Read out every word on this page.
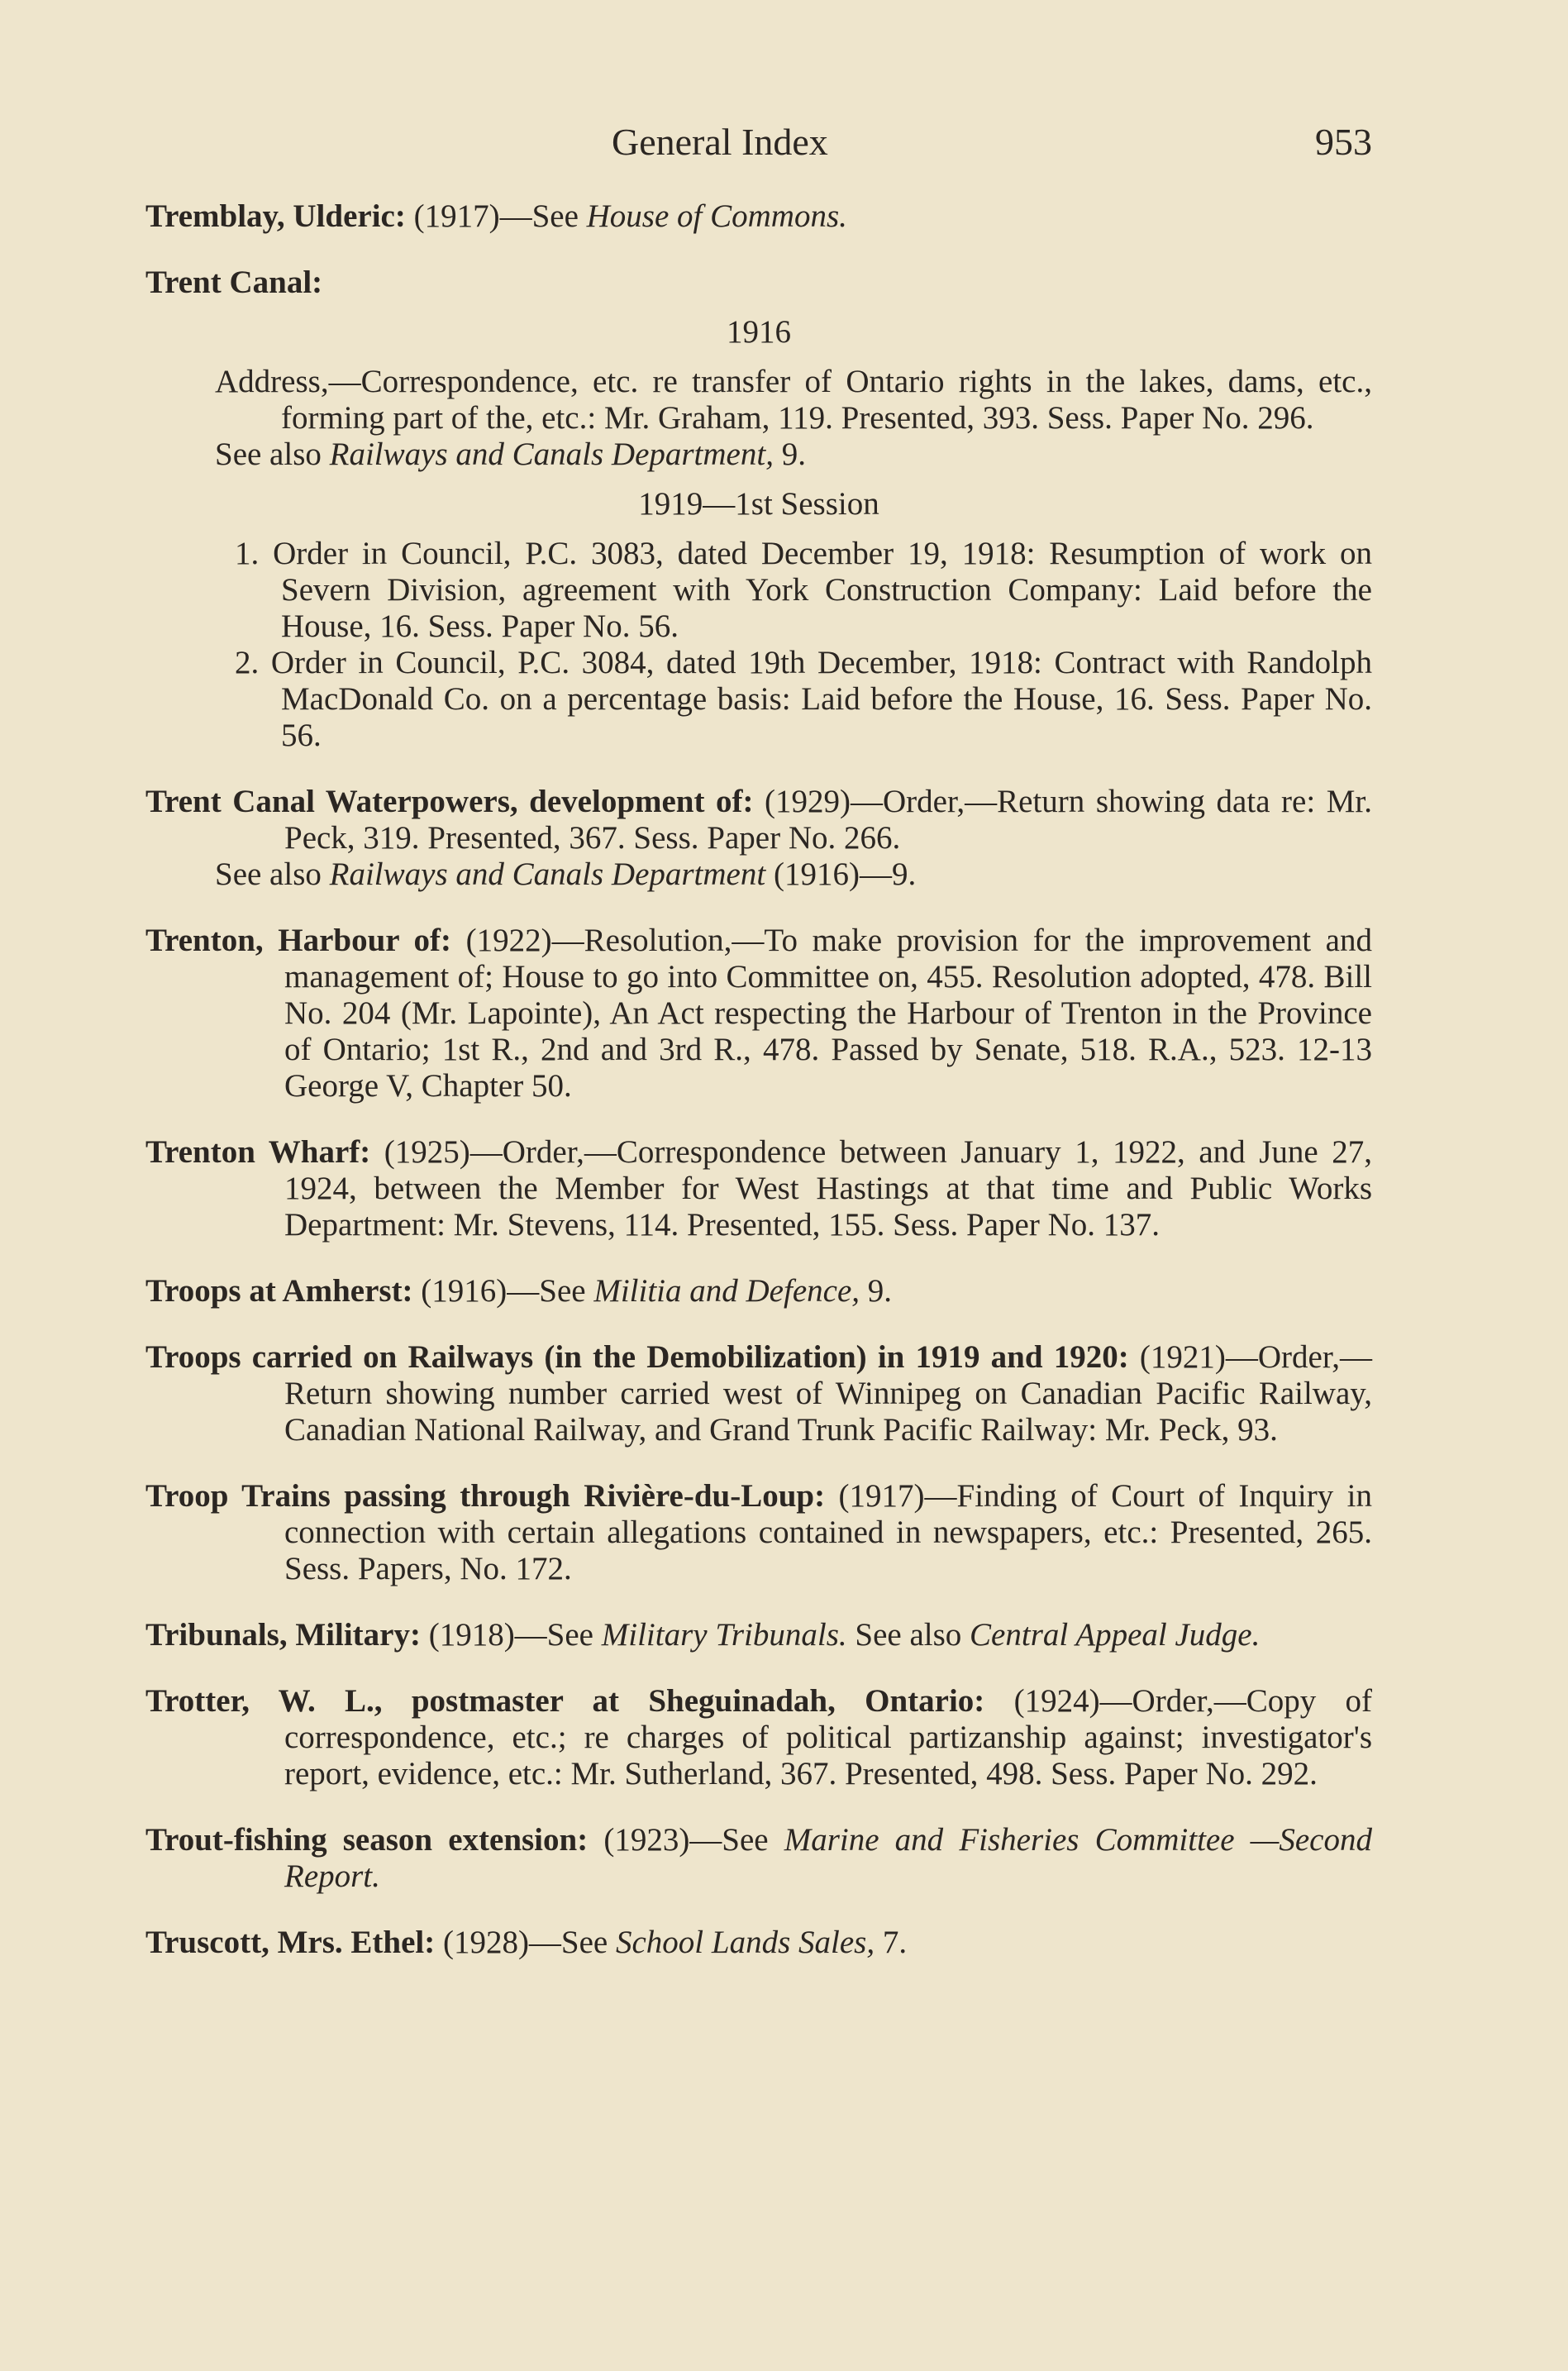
General Index	953
Tremblay, Ulderic: (1917)—See House of Commons.
Trent Canal:
1916
Address,—Correspondence, etc. re transfer of Ontario rights in the lakes, dams, etc., forming part of the, etc.: Mr. Graham, 119. Presented, 393. Sess. Paper No. 296.
See also Railways and Canals Department, 9.
1919—1st Session
1. Order in Council, P.C. 3083, dated December 19, 1918: Resumption of work on Severn Division, agreement with York Construction Company: Laid before the House, 16. Sess. Paper No. 56.
2. Order in Council, P.C. 3084, dated 19th December, 1918: Contract with Randolph MacDonald Co. on a percentage basis: Laid before the House, 16. Sess. Paper No. 56.
Trent Canal Waterpowers, development of: (1929)—Order,—Return showing data re: Mr. Peck, 319. Presented, 367. Sess. Paper No. 266.
See also Railways and Canals Department (1916)—9.
Trenton, Harbour of: (1922)—Resolution,—To make provision for the improvement and management of; House to go into Committee on, 455. Resolution adopted, 478. Bill No. 204 (Mr. Lapointe), An Act respecting the Harbour of Trenton in the Province of Ontario; 1st R., 2nd and 3rd R., 478. Passed by Senate, 518. R.A., 523. 12-13 George V, Chapter 50.
Trenton Wharf: (1925)—Order,—Correspondence between January 1, 1922, and June 27, 1924, between the Member for West Hastings at that time and Public Works Department: Mr. Stevens, 114. Presented, 155. Sess. Paper No. 137.
Troops at Amherst: (1916)—See Militia and Defence, 9.
Troops carried on Railways (in the Demobilization) in 1919 and 1920: (1921)—Order,—Return showing number carried west of Winnipeg on Canadian Pacific Railway, Canadian National Railway, and Grand Trunk Pacific Railway: Mr. Peck, 93.
Troop Trains passing through Rivière-du-Loup: (1917)—Finding of Court of Inquiry in connection with certain allegations contained in newspapers, etc.: Presented, 265. Sess. Papers, No. 172.
Tribunals, Military: (1918)—See Military Tribunals. See also Central Appeal Judge.
Trotter, W. L., postmaster at Sheguinadah, Ontario: (1924)—Order,—Copy of correspondence, etc.; re charges of political partizanship against; investigator's report, evidence, etc.: Mr. Sutherland, 367. Presented, 498. Sess. Paper No. 292.
Trout-fishing season extension: (1923)—See Marine and Fisheries Committee —Second Report.
Truscott, Mrs. Ethel: (1928)—See School Lands Sales, 7.
